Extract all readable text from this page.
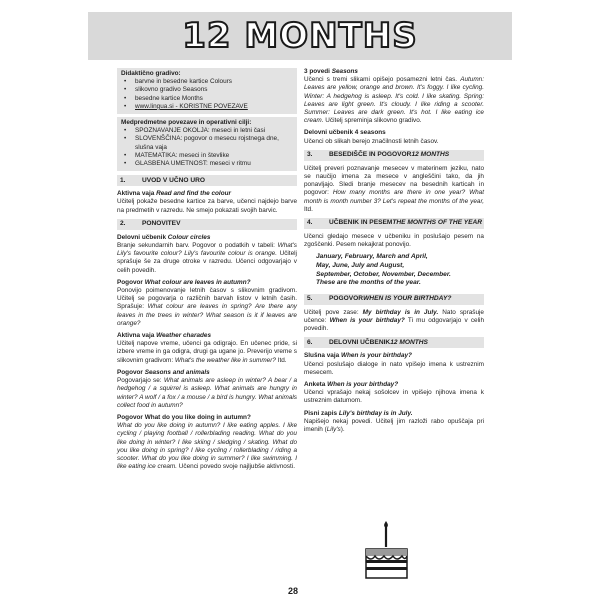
12 MONTHS
Didaktično gradivo:
• barvne in besedne kartice Colours
• slikovno gradivo Seasons
• besedne kartice Months
• www.lingua.si - KORISTNE POVEZAVE
Medpredmetne povezave in operativni cilji:
• SPOZNAVANJE OKOLJA: meseci in letni časi
• SLOVENŠČINA: pogovor o mesecu rojstnega dne, slušna vaja
• MATEMATIKA: meseci in števlike
• GLASBENA UMETNOST: meseci v ritmu
1.	UVOD V UČNO URO
Aktivna vaja Read and find the colour
Učitelj pokaže besedne kartice za barve, učenci najdejo barve na predmetih v razredu. Ne smejo pokazati svojih barvic.
2.	PONOVITEV
Delovni učbenik Colour circles
Branje sekundarnih barv. Pogovor o podatkih v tabeli: What's Lily's favourite colour? Lily's favourite colour is orange. Učitelj sprašuje še za druge otroke v razredu. Učenci odgovarjajo v celih povedih.
Pogovor What colour are leaves in autumn?
Ponovijo poimenovanje letnih časov s slikovnim gradivom. Učitelj se pogovarja o različnih barvah listov v letnih časih. Sprašuje: What colour are leaves in spring? Are there any leaves in the trees in winter? What season is it if leaves are orange?
Aktivna vaja Weather charades
Učitelj napove vreme, učenci ga odigrajo. En učenec pride, si izbere vreme in ga odigra, drugi ga ugane jo. Preverijo vreme s slikovnim gradivom: What's the weather like in summer? Itd.
Pogovor Seasons and animals
Pogovarjajo se: What animals are asleep in winter? A bear / a hedgehog / a squirrel is asleep. What animals are hungry in winter? A wolf / a fox / a mouse / a bird is hungry. What animals collect food in autumn?
Pogovor What do you like doing in autumn?
What do you like doing in autumn? I like eating apples. I like cycling / playing football / rollerblading reading. What do you like doing in winter? I like skiing / sledging / skating. What do you like doing in spring? I like cycling / rollerblading / riding a scooter. What do you like doing in summer? I like swimming. I like eating ice cream. Učenci povedo svoje najljubše aktivnosti.
3 povedi Seasons
Učenci s tremi slikami opišejo posamezni letni čas. Autumn: Leaves are yellow, orange and brown. It's foggy. I like cycling. Winter: A hedgehog is asleep. It's cold. I like skating. Spring: Leaves are light green. It's cloudy. I like riding a scooter. Summer: Leaves are dark green. It's hot. I like eating ice cream. Učitelj spreminja slikovno gradivo.
Delovni učbenik 4 seasons
Učenci ob slikah berejo značilnosti letnih časov.
3.	BESEDIŠČE IN POGOVOR 12 MONTHS
Učitelj preveri poznavanje mesecev v materinem jeziku, nato se naučijo imena za mesece v angleščini tako, da jih ponavljajo. Sledi branje mesecev na besednih karticah in pogovor: How many months are there in one year? What month is month number 3? Let's repeat the months of the year, Itd.
4.	UČBENIK IN PESEM THE MONTHS OF THE YEAR
Učenci gledajo mesece v učbeniku in poslušajo pesem na zgoščenki. Pesem nekajkrat ponovijo.
January, February, March and April,
May, June, July and August,
September, October, November, December.
These are the months of the year.
5.	POGOVOR WHEN IS YOUR BIRTHDAY?
Učitelj pove zase: My birthday is in July. Nato sprašuje učence: When is your birthday? Ti mu odgovarjajo v celih povedih.
6.	DELOVNI UČBENIK 12 MONTHS
Slušna vaja When is your birthday?
Učenci poslušajo dialoge in nato vpišejo imena k ustreznim mesecem.
Anketa When is your birthday?
Učenci vprašajo nekaj sošolcev in vpišejo njihova imena k ustreznim datumom.
Pisni zapis Lily's birthday is in July.
Napišejo nekaj povedi. Učitelj jim razloži rabo opuščaja pri imenih (Lily's).
28
